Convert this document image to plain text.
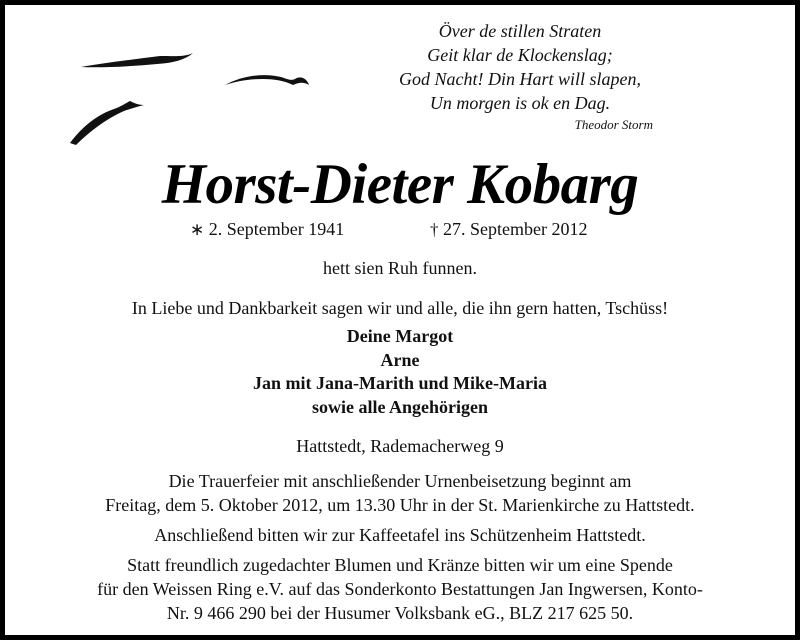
Över de stillen Straten
Geit klar de Klockenslag;
God Nacht! Din Hart will slapen,
Un morgen is ok en Dag.
Theodor Storm
Horst-Dieter Kobarg
∗ 2. September 1941	† 27. September 2012
hett sien Ruh funnen.
In Liebe und Dankbarkeit sagen wir und alle, die ihn gern hatten, Tschüss!
Deine Margot
Arne
Jan mit Jana-Marith und Mike-Maria
sowie alle Angehörigen
Hattstedt, Rademacherweg 9
Die Trauerfeier mit anschließender Urnenbeisetzung beginnt am
Freitag, dem 5. Oktober 2012, um 13.30 Uhr in der St. Marienkirche zu Hattstedt.
Anschließend bitten wir zur Kaffeetafel ins Schützenheim Hattstedt.
Statt freundlich zugedachter Blumen und Kränze bitten wir um eine Spende
für den Weissen Ring e.V. auf das Sonderkonto Bestattungen Jan Ingwersen, Konto-
Nr. 9 466 290 bei der Husumer Volksbank eG., BLZ 217 625 50.
